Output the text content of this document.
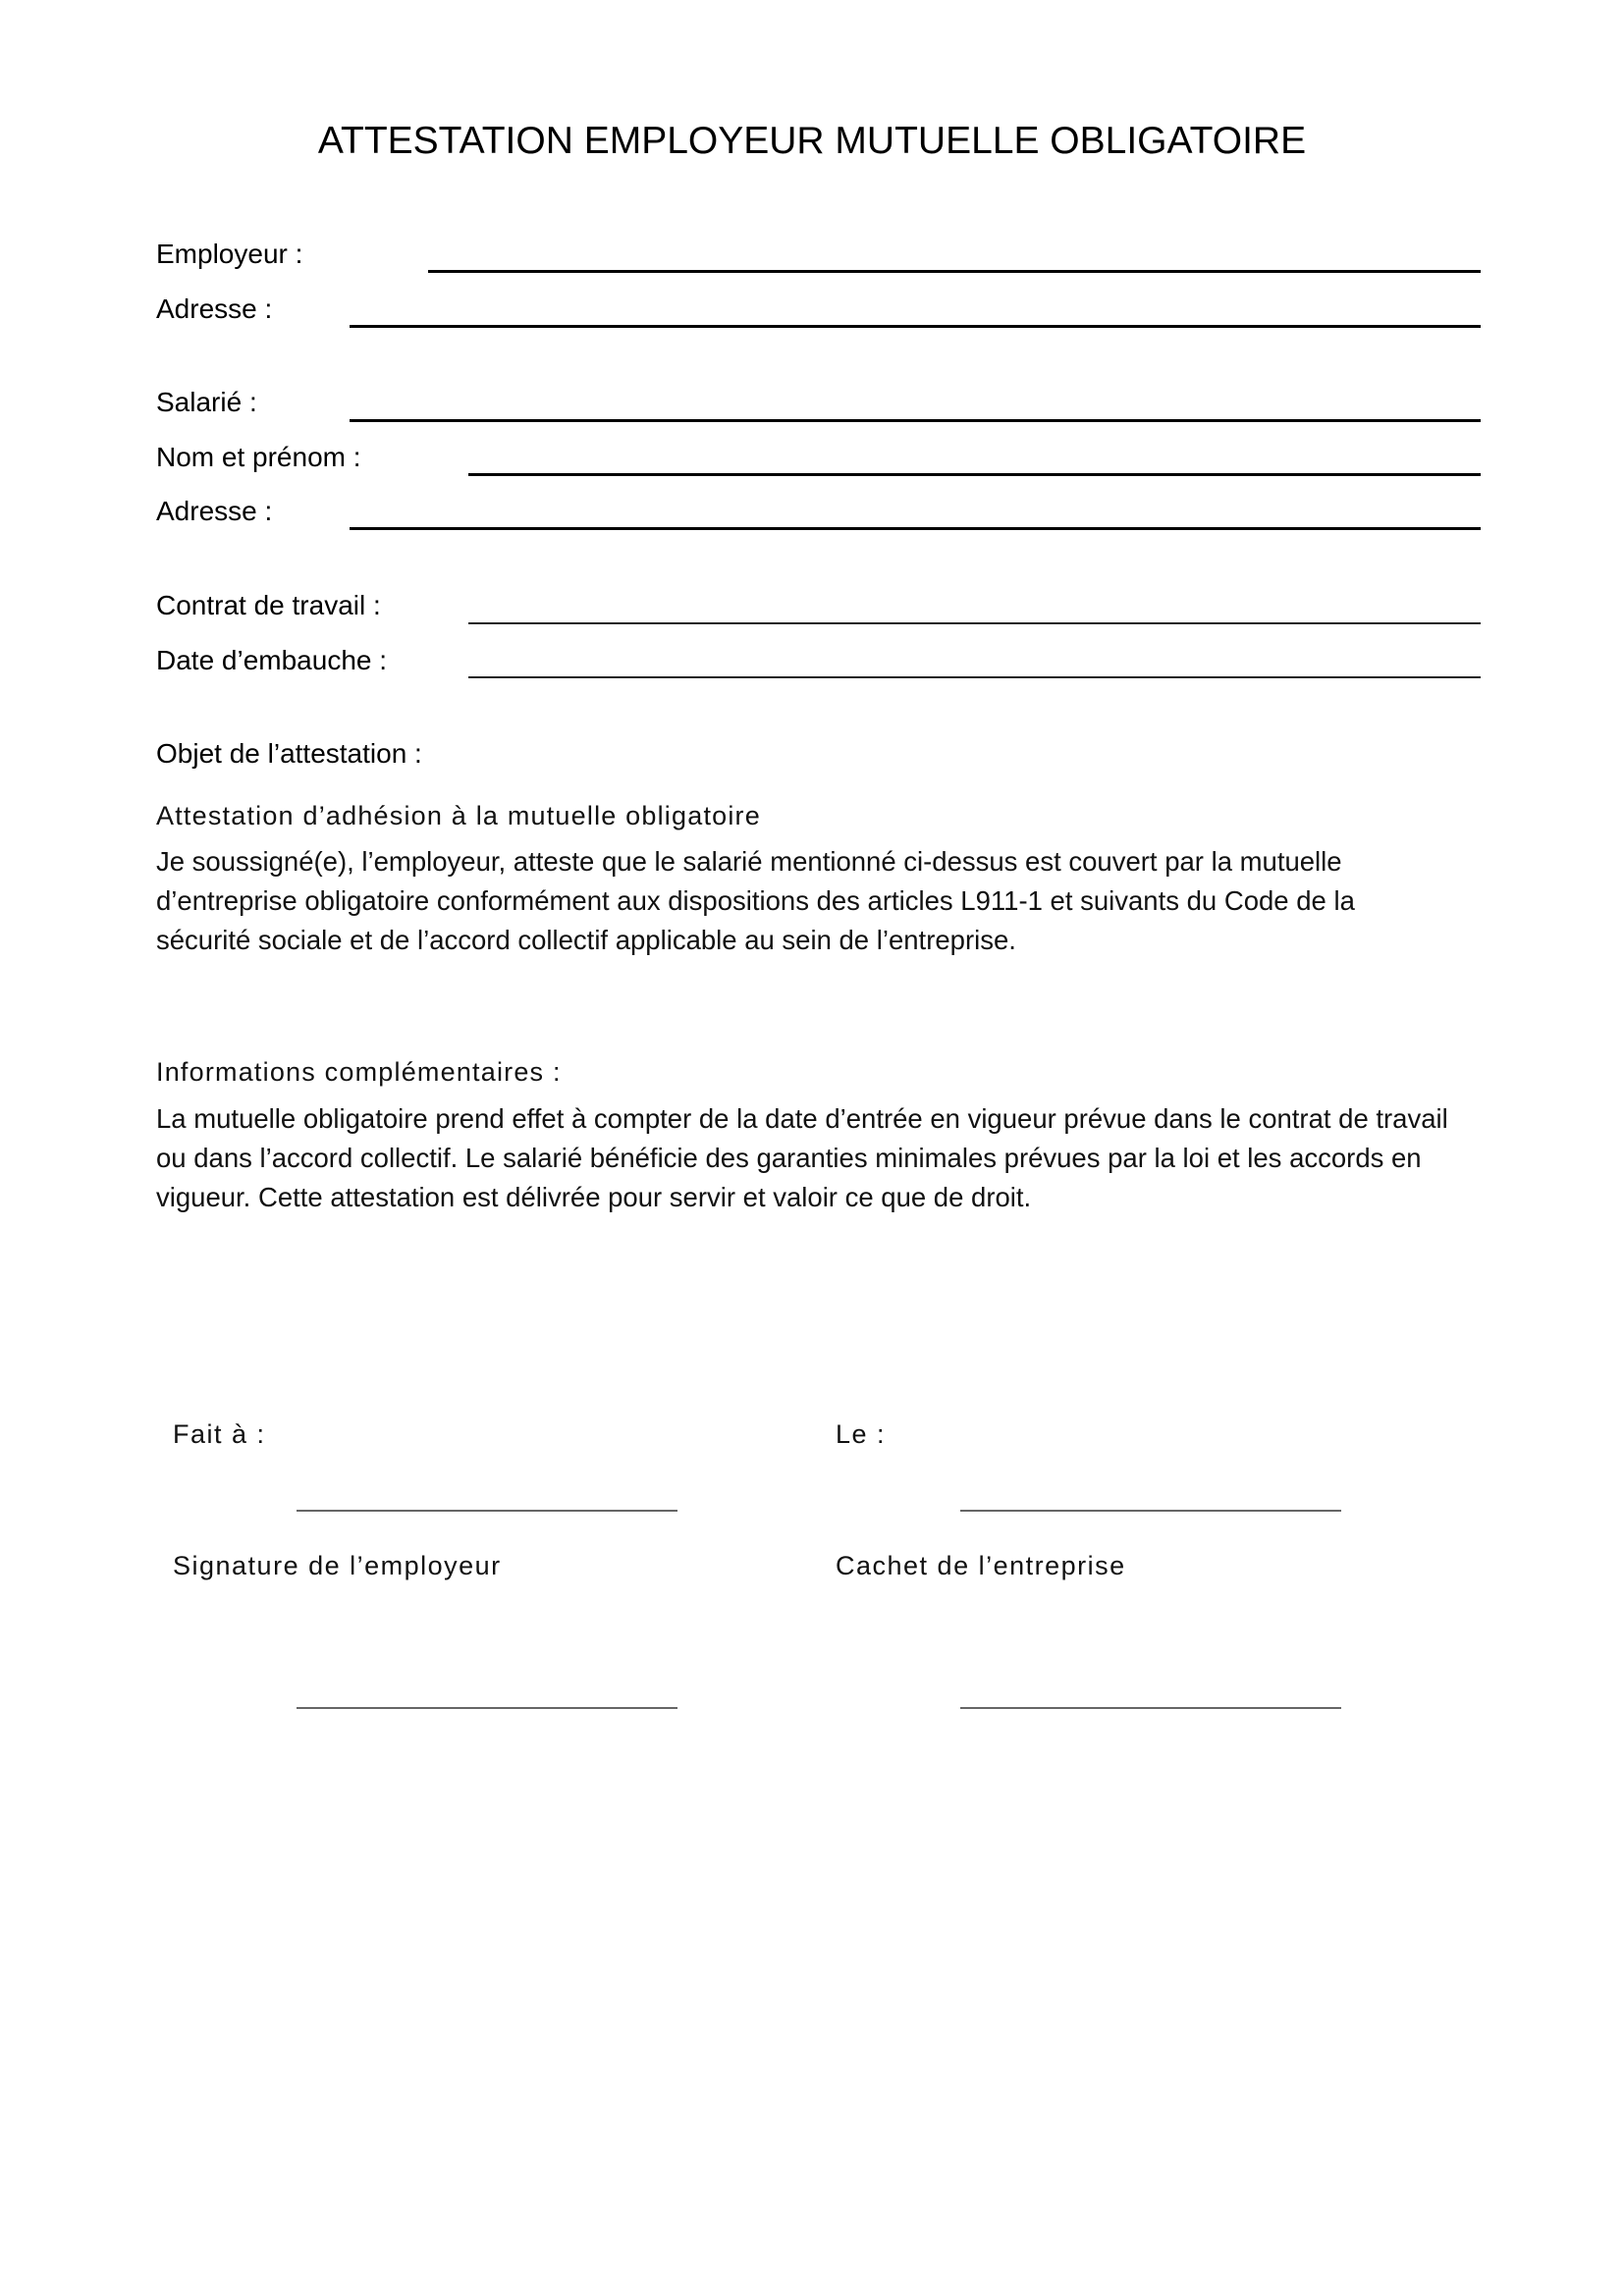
ATTESTATION EMPLOYEUR MUTUELLE OBLIGATOIRE
Employeur :
Adresse :
Salarié :
Nom et prénom :
Adresse :
Contrat de travail :
Date d’embauche :
Objet de l’attestation :
Attestation d’adhésion à la mutuelle obligatoire
Je soussigné(e), l’employeur, atteste que le salarié mentionné ci-dessus est couvert par la mutuelle
d’entreprise obligatoire conformément aux dispositions des articles L911-1 et suivants du Code de la
sécurité sociale et de l’accord collectif applicable au sein de l’entreprise.
Informations complémentaires :
La mutuelle obligatoire prend effet à compter de la date d’entrée en vigueur prévue dans le contrat de travail
ou dans l’accord collectif. Le salarié bénéficie des garanties minimales prévues par la loi et les accords en
vigueur. Cette attestation est délivrée pour servir et valoir ce que de droit.
Fait à :	Le :
Signature de l’employeur	Cachet de l’entreprise
